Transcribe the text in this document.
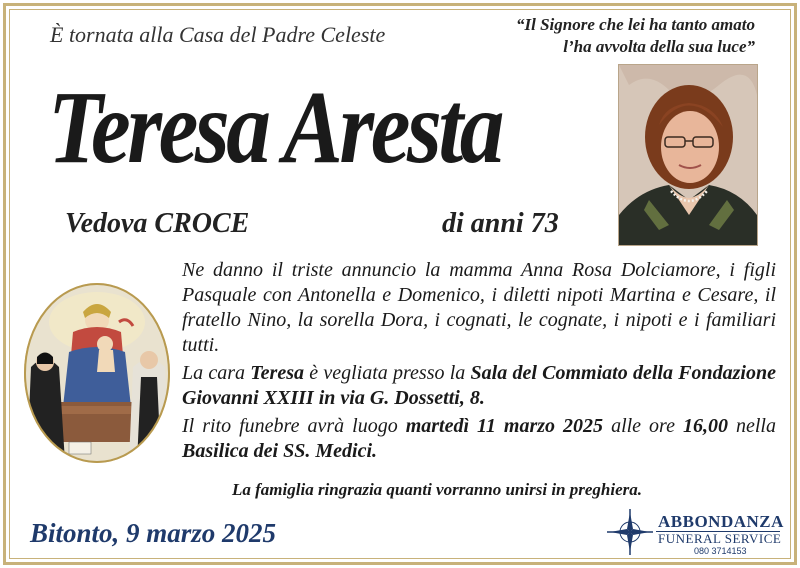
È tornata alla Casa del Padre Celeste	“Il Signore che lei ha tanto amato
l’ha avvolta della sua luce”
Teresa Aresta
Vedova CROCE	di anni 73

Ne danno il triste annuncio la mamma Anna Rosa Dolciamore, i figli Pasquale con Antonella e Domenico, i diletti nipoti Martina e Cesare, il fratello Nino, la sorella Dora, i cognati, le cognate, i nipoti e i familiari tutti.

La cara Teresa è vegliata presso la Sala del Commiato della Fondazione Giovanni XXIII in via G. Dossetti, 8.

Il rito funebre avrà luogo martedì 11 marzo 2025 alle ore 16,00 nella Basilica dei SS. Medici.

La famiglia ringrazia quanti vorranno unirsi in preghiera.
Bitonto, 9 marzo 2025	ABBONDANZA
FUNERAL SERVICE
080 3714153
